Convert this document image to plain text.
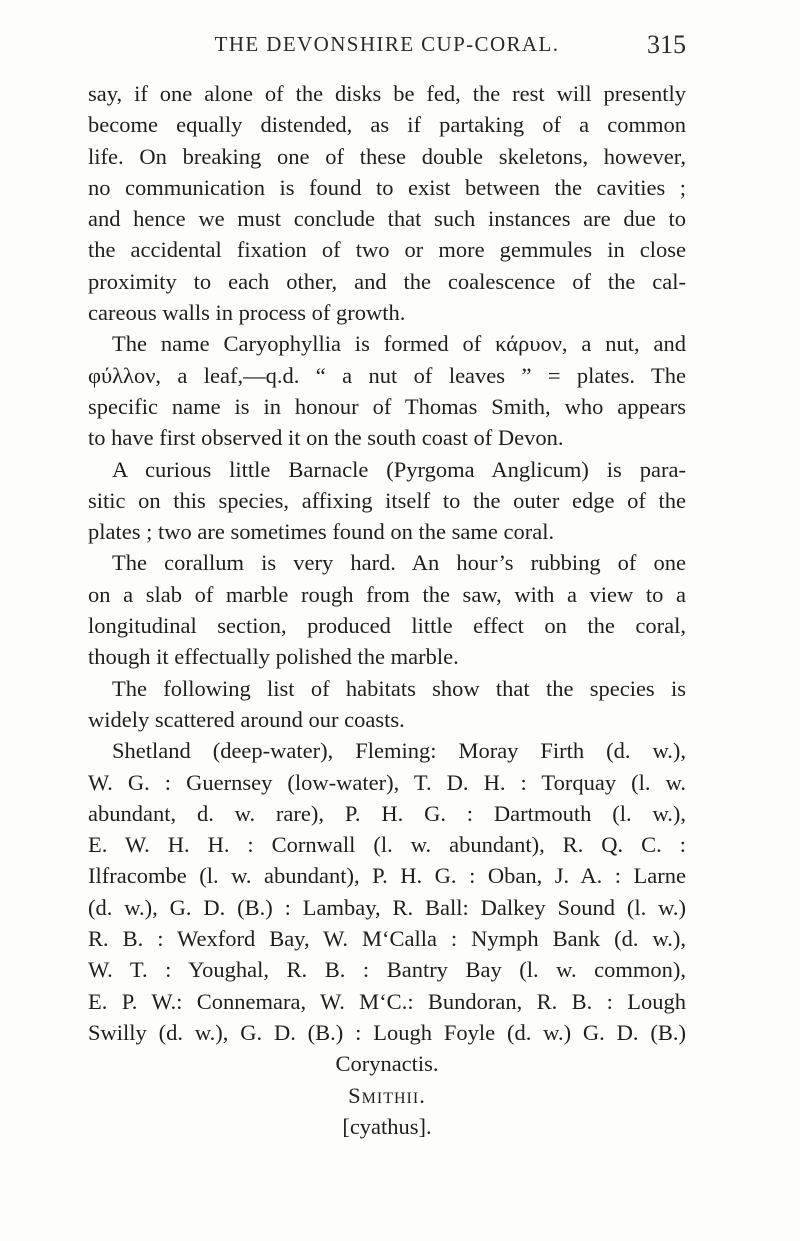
THE DEVONSHIRE CUP-CORAL.	315
say, if one alone of the disks be fed, the rest will presently
become equally distended, as if partaking of a common
life. On breaking one of these double skeletons, however,
no communication is found to exist between the cavities ;
and hence we must conclude that such instances are due to
the accidental fixation of two or more gemmules in close
proximity to each other, and the coalescence of the cal-
careous walls in process of growth.
The name Caryophyllia is formed of κάρυον, a nut, and
φύλλον, a leaf,—q.d. “ a nut of leaves ” = plates. The
specific name is in honour of Thomas Smith, who appears
to have first observed it on the south coast of Devon.
A curious little Barnacle (Pyrgoma Anglicum) is para-
sitic on this species, affixing itself to the outer edge of the
plates ; two are sometimes found on the same coral.
The corallum is very hard. An hour’s rubbing of one
on a slab of marble rough from the saw, with a view to a
longitudinal section, produced little effect on the coral,
though it effectually polished the marble.
The following list of habitats show that the species is
widely scattered around our coasts.
Shetland (deep-water), Fleming: Moray Firth (d. w.),
W. G. : Guernsey (low-water), T. D. H. : Torquay (l. w.
abundant, d. w. rare), P. H. G. : Dartmouth (l. w.),
E. W. H. H. : Cornwall (l. w. abundant), R. Q. C. :
Ilfracombe (l. w. abundant), P. H. G. : Oban, J. A. : Larne
(d. w.), G. D. (B.) : Lambay, R. Ball: Dalkey Sound (l. w.)
R. B. : Wexford Bay, W. M‘Calla : Nymph Bank (d. w.),
W. T. : Youghal, R. B. : Bantry Bay (l. w. common),
E. P. W.: Connemara, W. M‘C.: Bundoran, R. B. : Lough
Swilly (d. w.), G. D. (B.) : Lough Foyle (d. w.) G. D. (B.)
Corynactis.
Smithii.
[cyathus].
